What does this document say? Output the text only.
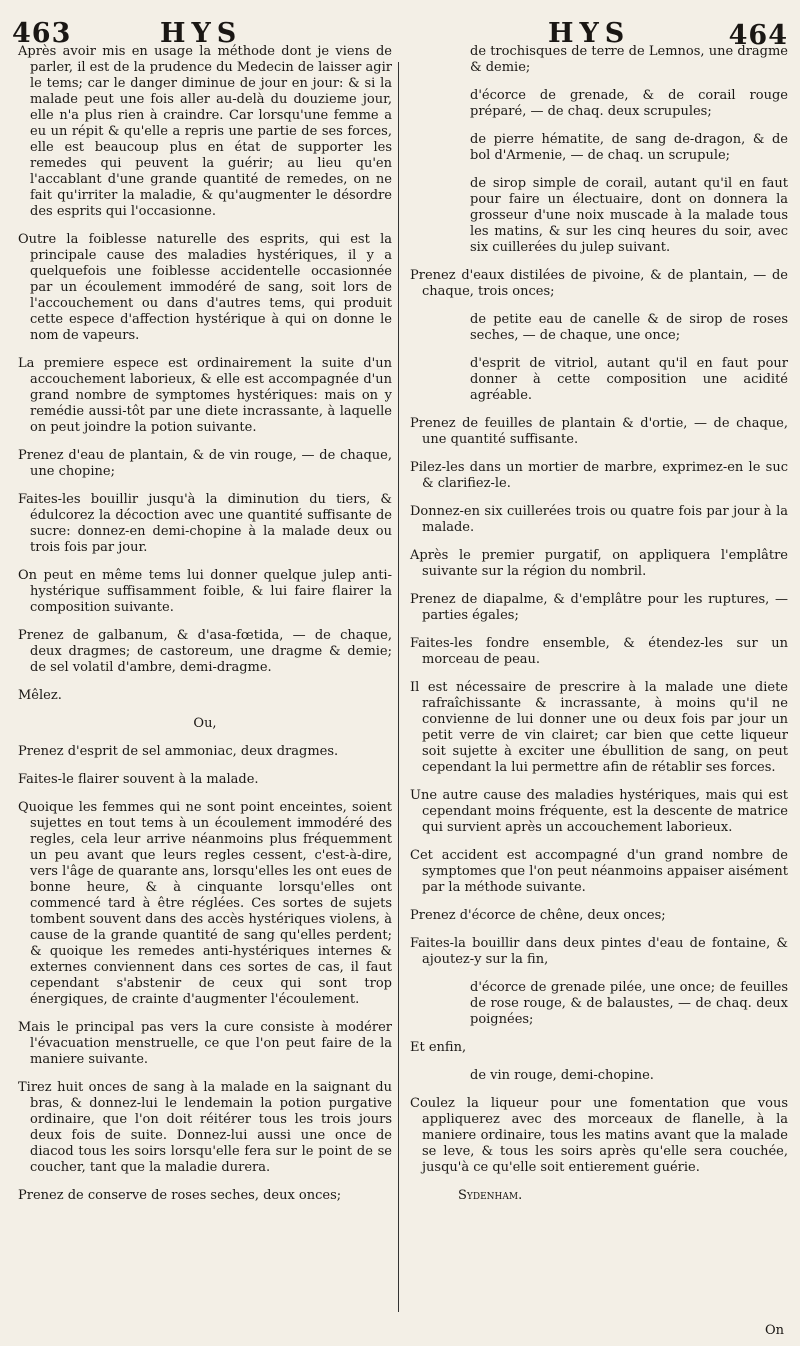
463	HYS	HYS	464

Après avoir mis en usage la méthode dont je viens de parler, il est de la prudence du Medecin de laisser agir le tems; car le danger diminue de jour en jour: & si la malade peut une fois aller au-delà du douzieme jour, elle n'a plus rien à craindre. Car lorsqu'une femme a eu un répit & qu'elle a repris une partie de ses forces, elle est beaucoup plus en état de supporter les remedes qui peuvent la guérir; au lieu qu'en l'accablant d'une grande quantité de remedes, on ne fait qu'irriter la maladie, & qu'augmenter le désordre des esprits qui l'occasionne.

Outre la foiblesse naturelle des esprits, qui est la principale cause des maladies hystériques, il y a quelquefois une foiblesse accidentelle occasionnée par un écoulement immodéré de sang, soit lors de l'accouchement ou dans d'autres tems, qui produit cette espece d'affection hystérique à qui on donne le nom de vapeurs.

La premiere espece est ordinairement la suite d'un accouchement laborieux, & elle est accompagnée d'un grand nombre de symptomes hystériques: mais on y remédie aussi-tôt par une diete incrassante, à laquelle on peut joindre la potion suivante.

Prenez d'eau de plantain, & de vin rouge, — de chaque, une chopine;

Faites-les bouillir jusqu'à la diminution du tiers, & édulcorez la décoction avec une quantité suffisante de sucre: donnez-en demi-chopine à la malade deux ou trois fois par jour.

On peut en même tems lui donner quelque julep anti-hystérique suffisamment foible, & lui faire flairer la composition suivante.

Prenez de galbanum, & d'asa-fœtida, — de chaque, deux dragmes; de castoreum, une dragme & demie; de sel volatil d'ambre, demi-dragme.

Mêlez.

Ou,

Prenez d'esprit de sel ammoniac, deux dragmes.

Faites-le flairer souvent à la malade.

Quoique les femmes qui ne sont point enceintes, soient sujettes en tout tems à un écoulement immodéré des regles, cela leur arrive néanmoins plus fréquemment un peu avant que leurs regles cessent, c'est-à-dire, vers l'âge de quarante ans, lorsqu'elles les ont eues de bonne heure, & à cinquante lorsqu'elles ont commencé tard à être réglées. Ces sortes de sujets tombent souvent dans des accès hystériques violens, à cause de la grande quantité de sang qu'elles perdent; & quoique les remedes anti-hystériques internes & externes conviennent dans ces sortes de cas, il faut cependant s'abstenir de ceux qui sont trop énergiques, de crainte d'augmenter l'écoulement.

Mais le principal pas vers la cure consiste à modérer l'évacuation menstruelle, ce que l'on peut faire de la maniere suivante.

Tirez huit onces de sang à la malade en la saignant du bras, & donnez-lui le lendemain la potion purgative ordinaire, que l'on doit réitérer tous les trois jours deux fois de suite. Donnez-lui aussi une once de diacod tous les soirs lorsqu'elle fera sur le point de se coucher, tant que la maladie durera.

Prenez de conserve de roses seches, deux onces;

de trochisques de terre de Lemnos, une dragme & demie;

d'écorce de grenade, & de corail rouge préparé, — de chaq. deux scrupules;

de pierre hématite, de sang de-dragon, & de bol d'Armenie, — de chaq. un scrupule;

de sirop simple de corail, autant qu'il en faut pour faire un électuaire, dont on donnera la grosseur d'une noix muscade à la malade tous les matins, & sur les cinq heures du soir, avec six cuillerées du julep suivant.

Prenez d'eaux distilées de pivoine, & de plantain, — de chaque, trois onces;

de petite eau de canelle & de sirop de roses seches, — de chaque, une once;

d'esprit de vitriol, autant qu'il en faut pour donner à cette composition une acidité agréable.

Prenez de feuilles de plantain & d'ortie, — de chaque, une quantité suffisante.

Pilez-les dans un mortier de marbre, exprimez-en le suc & clarifiez-le.

Donnez-en six cuillerées trois ou quatre fois par jour à la malade.

Après le premier purgatif, on appliquera l'emplâtre suivante sur la région du nombril.

Prenez de diapalme, & d'emplâtre pour les ruptures, — parties égales;

Faites-les fondre ensemble, & étendez-les sur un morceau de peau.

Il est nécessaire de prescrire à la malade une diete rafraîchissante & incrassante, à moins qu'il ne convienne de lui donner une ou deux fois par jour un petit verre de vin clairet; car bien que cette liqueur soit sujette à exciter une ébullition de sang, on peut cependant la lui permettre afin de rétablir ses forces.

Une autre cause des maladies hystériques, mais qui est cependant moins fréquente, est la descente de matrice qui survient après un accouchement laborieux.

Cet accident est accompagné d'un grand nombre de symptomes que l'on peut néanmoins appaiser aisément par la méthode suivante.

Prenez d'écorce de chêne, deux onces;

Faites-la bouillir dans deux pintes d'eau de fontaine, & ajoutez-y sur la fin,

d'écorce de grenade pilée, une once; de feuilles de rose rouge, & de balaustes, — de chaq. deux poignées;

Et enfin,

de vin rouge, demi-chopine.

Coulez la liqueur pour une fomentation que vous appliquerez avec des morceaux de flanelle, à la maniere ordinaire, tous les matins avant que la malade se leve, & tous les soirs après qu'elle sera couchée, jusqu'à ce qu'elle soit entierement guérie.

Sydenham.

On
